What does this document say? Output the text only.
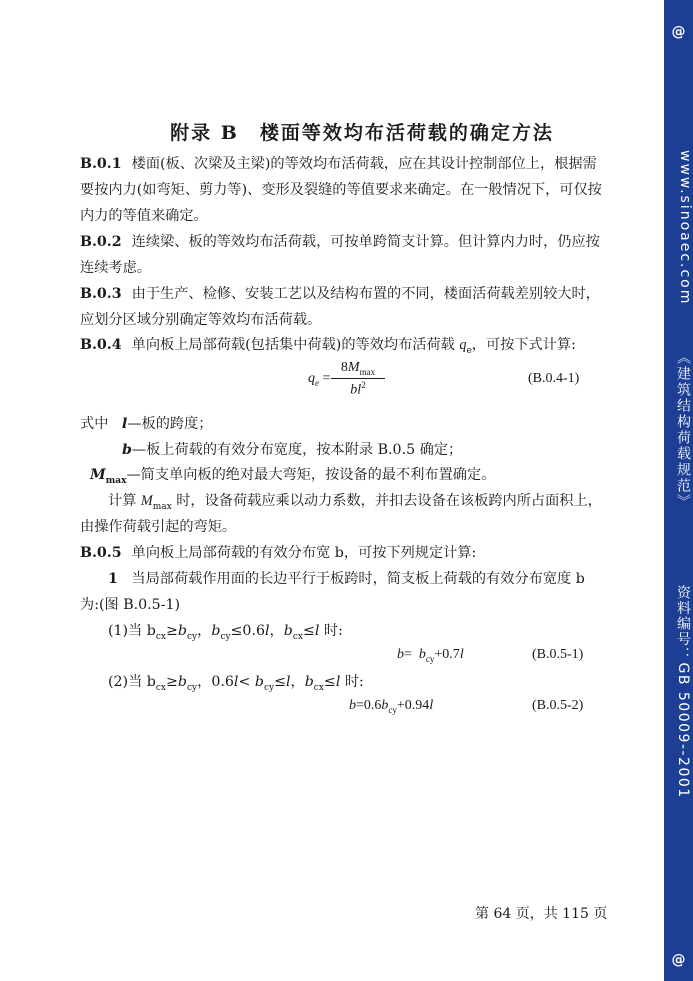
@
www.sinoaec.com
《建筑结构荷载规范》
资料编号：GB 50009--2001
@
附录 B　楼面等效均布活荷载的确定方法
B.0.1 楼面(板、次梁及主梁)的等效均布活荷载，应在其设计控制部位上，根据需
要按内力(如弯矩、剪力等)、变形及裂缝的等值要求来确定。在一般情况下，可仅按
内力的等值来确定。
B.0.2 连续梁、板的等效均布活荷载，可按单跨简支计算。但计算内力时，仍应按
连续考虑。
B.0.3 由于生产、检修、安装工艺以及结构布置的不同，楼面活荷载差别较大时，
应划分区域分别确定等效均布活荷载。
B.0.4 单向板上局部荷载(包括集中荷载)的等效均布活荷载 $q_e$，可按下式计算:
$q_e$ =
$8M_{max}$
$bl^2$	(B.0.4-1)
式中 l—板的跨度；
b—板上荷载的有效分布宽度，按本附录 B.0.5 确定；
$M_{max}—$简支单向板的绝对最大弯矩，按设备的最不利布置确定。
计算 $M_{max}$ 时，设备荷载应乘以动力系数，并扣去设备在该板跨内所占面积上，
由操作荷载引起的弯矩。
B.0.5 单向板上局部荷载的有效分布宽 b，可按下列规定计算:
1 当局部荷载作用面的长边平行于板跨时，简支板上荷载的有效分布宽度 b
为:(图 B.0.5-1)
(1)当 $b_{cx}\ge b_{cy}$，$b_{cy}\le 0.6l$，$b_{cx}\le l$ 时:
$b= b_{cy}+0.7l$	(B.0.5-1)
(2)当 $b_{cx}\ge b_{cy}$，$0.6l< b_{cy}\le l$，$b_{cx}\le l$ 时:
$b=0.6b_{cy}+0.94l$	(B.0.5-2)
第 64 页，共 115 页
